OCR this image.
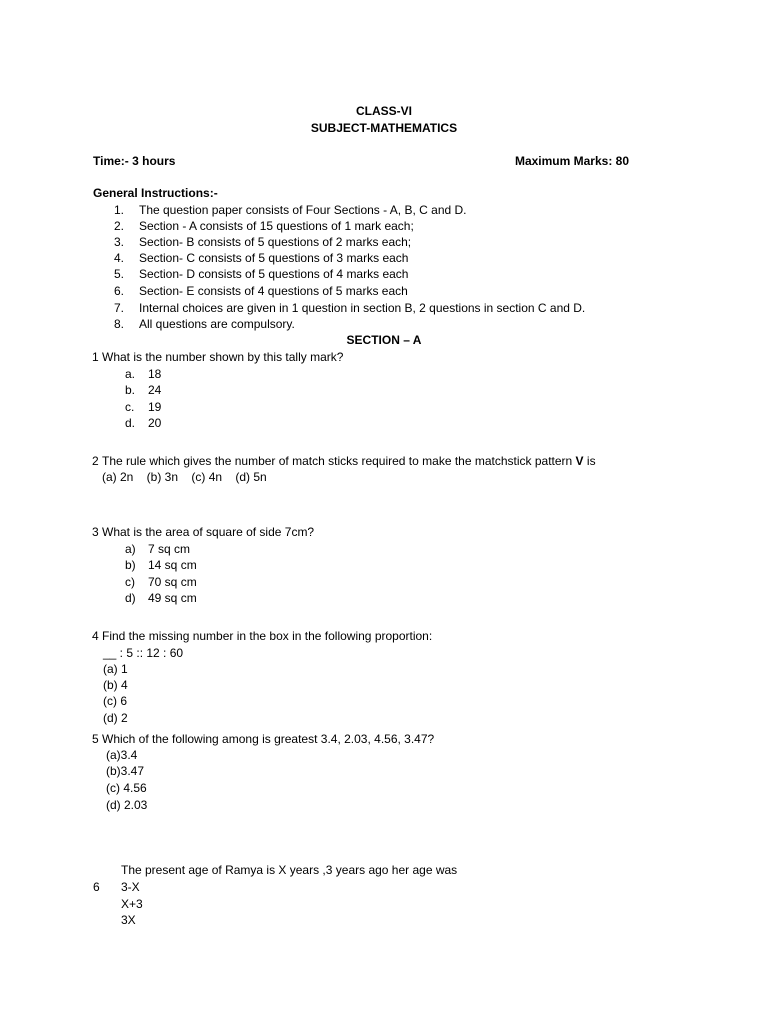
CLASS-VI
SUBJECT-MATHEMATICS
Time:- 3 hours	Maximum Marks: 80
General Instructions:-
1. The question paper consists of Four Sections - A, B, C and D.
2. Section - A consists of 15 questions of 1 mark each;
3. Section- B consists of 5 questions of 2 marks each;
4. Section- C consists of 5 questions of 3 marks each
5. Section- D consists of 5 questions of 4 marks each
6. Section- E consists of 4 questions of 5 marks each
7. Internal choices are given in 1 question in section B, 2 questions in section C and D.
8. All questions are compulsory.
SECTION – A
1 What is the number shown by this tally mark?
a. 18
b. 24
c. 19
d. 20
2 The rule which gives the number of match sticks required to make the matchstick pattern V is
(a) 2n    (b) 3n    (c) 4n    (d) 5n
3 What is the area of square of side 7cm?
a) 7 sq cm
b) 14 sq cm
c) 70 sq cm
d) 49 sq cm
4 Find the missing number in the box in the following proportion:
__ : 5 :: 12 : 60
(a) 1
(b) 4
(c) 6
(d) 2
5 Which of the following among is greatest 3.4, 2.03, 4.56, 3.47?
(a)3.4
(b)3.47
(c) 4.56
(d) 2.03
The present age of Ramya is X years ,3 years ago her age was
6 3-X
X+3
3X
